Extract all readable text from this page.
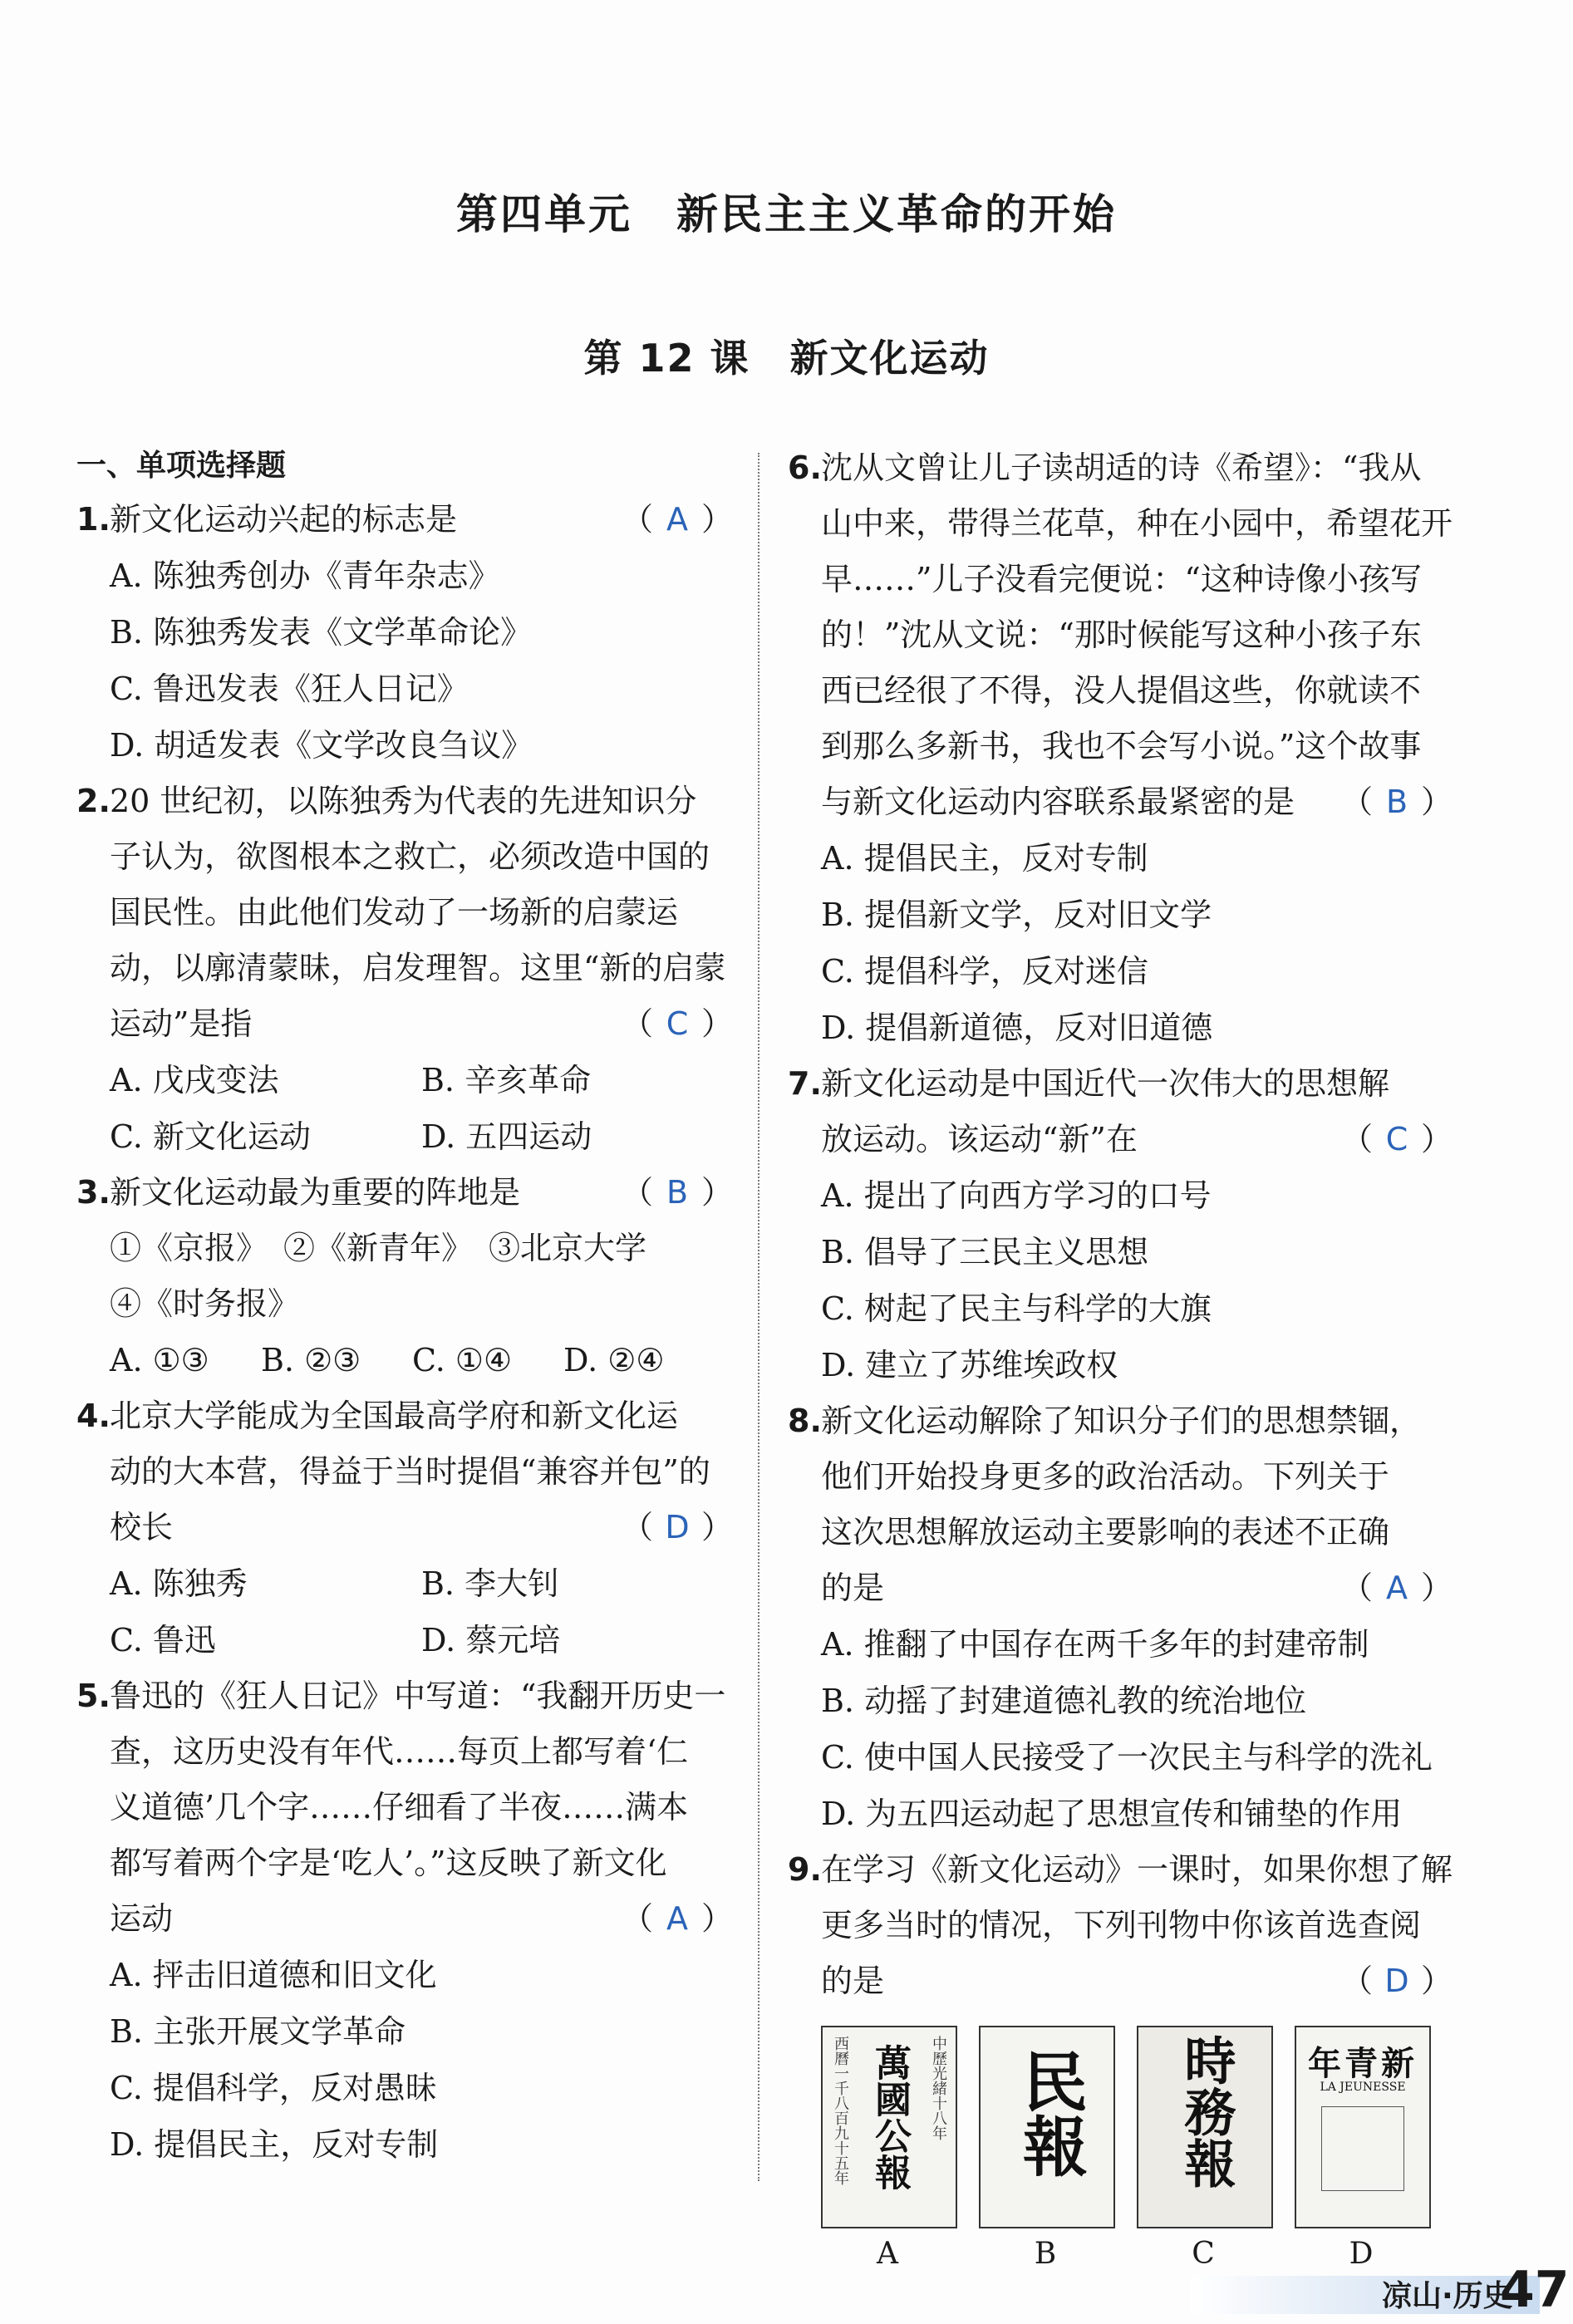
第四单元　新民主主义革命的开始
第 12 课　新文化运动
一、单项选择题
1.新文化运动兴起的标志是	（ A ）
A. 陈独秀创办《青年杂志》
B. 陈独秀发表《文学革命论》
C. 鲁迅发表《狂人日记》
D. 胡适发表《文学改良刍议》
2.20 世纪初，以陈独秀为代表的先进知识分
子认为，欲图根本之救亡，必须改造中国的
国民性。由此他们发动了一场新的启蒙运
动，以廓清蒙昧，启发理智。这里“新的启蒙
运动”是指	（ C ）
A. 戊戌变法	B. 辛亥革命
C. 新文化运动	D. 五四运动
3.新文化运动最为重要的阵地是	（ B ）
①《京报》　②《新青年》　③北京大学
④《时务报》
A. ①③	B. ②③	C. ①④	D. ②④
4.北京大学能成为全国最高学府和新文化运
动的大本营，得益于当时提倡“兼容并包”的
校长	（ D ）
A. 陈独秀	B. 李大钊
C. 鲁迅	D. 蔡元培
5.鲁迅的《狂人日记》中写道：“我翻开历史一
查，这历史没有年代……每页上都写着‘仁
义道德’几个字……仔细看了半夜……满本
都写着两个字是‘吃人’。”这反映了新文化
运动	（ A ）
A. 抨击旧道德和旧文化
B. 主张开展文学革命
C. 提倡科学，反对愚昧
D. 提倡民主，反对专制
6.沈从文曾让儿子读胡适的诗《希望》：“我从
山中来，带得兰花草，种在小园中，希望花开
早……”儿子没看完便说：“这种诗像小孩写
的！”沈从文说：“那时候能写这种小孩子东
西已经很了不得，没人提倡这些，你就读不
到那么多新书，我也不会写小说。”这个故事
与新文化运动内容联系最紧密的是 （ B ）
A. 提倡民主，反对专制
B. 提倡新文学，反对旧文学
C. 提倡科学，反对迷信
D. 提倡新道德，反对旧道德
7.新文化运动是中国近代一次伟大的思想解
放运动。该运动“新”在	（ C ）
A. 提出了向西方学习的口号
B. 倡导了三民主义思想
C. 树起了民主与科学的大旗
D. 建立了苏维埃政权
8.新文化运动解除了知识分子们的思想禁锢，
他们开始投身更多的政治活动。下列关于
这次思想解放运动主要影响的表述不正确
的是	（ A ）
A. 推翻了中国存在两千多年的封建帝制
B. 动摇了封建道德礼教的统治地位
C. 使中国人民接受了一次民主与科学的洗礼
D. 为五四运动起了思想宣传和铺垫的作用
9.在学习《新文化运动》一课时，如果你想了解
更多当时的情况，下列刊物中你该首选查阅
的是	（ D ）
西曆一千八百九十五年	中歷光緒十八年
萬國公報
A
民報
B
時務報
C
年青新
LA JEUNESSE
D
凉山·历史
47
